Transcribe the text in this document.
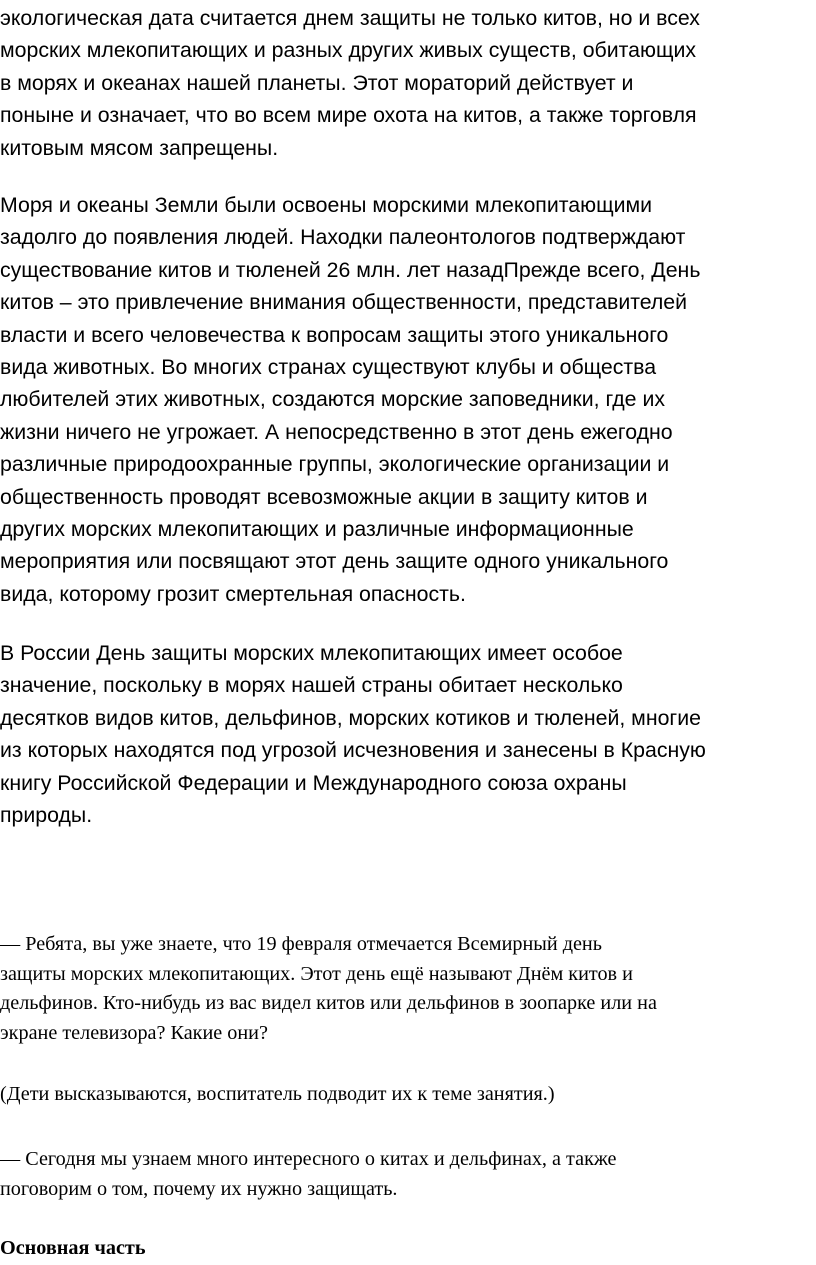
экологическая дата считается днем защиты не только китов, но и всех
морских млекопитающих и разных других живых существ, обитающих
в морях и океанах нашей планеты. Этот мораторий действует и
поныне и означает, что во всем мире охота на китов, а также торговля
китовым мясом запрещены.
Моря и океаны Земли были освоены морскими млекопитающими
задолго до появления людей. Находки палеонтологов подтверждают
существование китов и тюленей 26 млн. лет назадПрежде всего, День
китов – это привлечение внимания общественности, представителей
власти и всего человечества к вопросам защиты этого уникального
вида животных. Во многих странах существуют клубы и общества
любителей этих животных, создаются морские заповедники, где их
жизни ничего не угрожает. А непосредственно в этот день ежегодно
различные природоохранные группы, экологические организации и
общественность проводят всевозможные акции в защиту китов и
других морских млекопитающих и различные информационные
мероприятия или посвящают этот день защите одного уникального
вида, которому грозит смертельная опасность.
В России День защиты морских млекопитающих имеет особое
значение, поскольку в морях нашей страны обитает несколько
десятков видов китов, дельфинов, морских котиков и тюленей, многие
из которых находятся под угрозой исчезновения и занесены в Красную
книгу Российской Федерации и Международного союза охраны
природы.
— Ребята, вы уже знаете, что 19 февраля отмечается Всемирный день
защиты морских млекопитающих. Этот день ещё называют Днём китов и
дельфинов. Кто-нибудь из вас видел китов или дельфинов в зоопарке или на
экране телевизора? Какие они?
(Дети высказываются, воспитатель подводит их к теме занятия.)
— Сегодня мы узнаем много интересного о китах и дельфинах, а также
поговорим о том, почему их нужно защищать.
Основная часть
